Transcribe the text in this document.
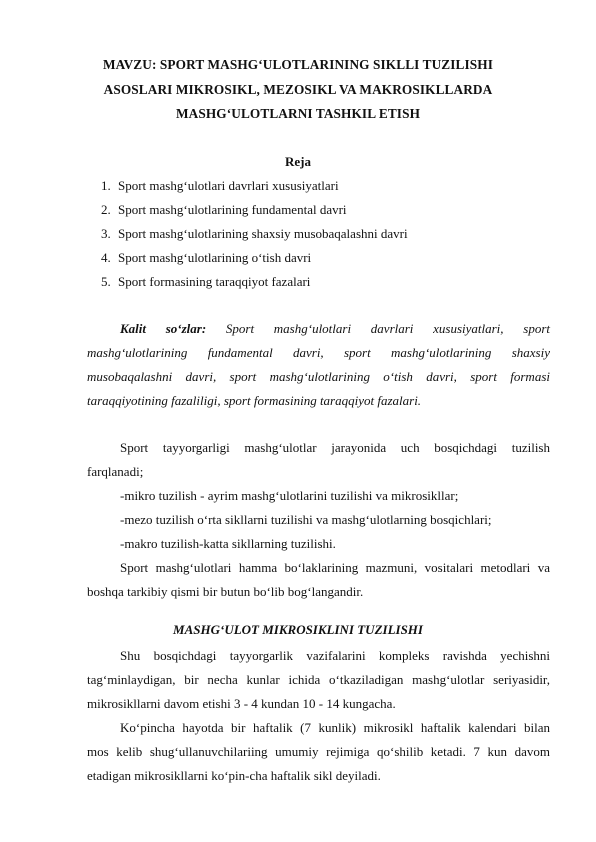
MAVZU: SPORT MASHG‘ULOTLARINING SIKLLI TUZILISHI
ASOSLARI MIKROSIKL, MEZOSIKL VA MAKROSIKLLARDA
MASHG‘ULOTLARNI TASHKIL ETISH
Reja
1. Sport mashg‘ulotlari davrlari xususiyatlari
2. Sport mashg‘ulotlarining fundamental davri
3. Sport mashg‘ulotlarining shaxsiy musobaqalashni davri
4. Sport mashg‘ulotlarining o‘tish davri
5. Sport formasining taraqqiyot fazalari
Kalit so‘zlar: Sport mashg‘ulotlari davrlari xususiyatlari, sport
mashg‘ulotlarining fundamental davri, sport mashg‘ulotlarining shaxsiy
musobaqalashni davri, sport mashg‘ulotlarining o‘tish davri, sport formasi
taraqqiyotining fazaliligi, sport formasining taraqqiyot fazalari.
Sport tayyorgarligi mashg‘ulotlar jarayonida uch bosqichdagi tuzilish
farqlanadi;
-mikro tuzilish - ayrim mashg‘ulotlarini tuzilishi va mikrosikllar;
-mezo tuzilish o‘rta sikllarni tuzilishi va mashg‘ulotlarning bosqichlari;
-makro tuzilish-katta sikllarning tuzilishi.
Sport mashg‘ulotlari hamma bo‘laklarining mazmuni, vositalari metodlari va
boshqa tarkibiy qismi bir butun bo‘lib bog‘langandir.
MASHG‘ULOT MIKROSIKLINI TUZILISHI
Shu bosqichdagi tayyorgarlik vazifalarini kompleks ravishda yechishni
tag‘minlaydigan, bir necha kunlar ichida o‘tkaziladigan mashg‘ulotlar seriyasidir,
mikrosikllarni davom etishi 3 - 4 kundan 10 - 14 kungacha.
Ko‘pincha hayotda bir haftalik (7 kunlik) mikrosikl haftalik kalendari bilan
mos kelib shug‘ullanuvchilariing umumiy rejimiga qo‘shilib ketadi. 7 kun davom
etadigan mikrosikllarni ko‘pin-cha haftalik sikl deyiladi.
